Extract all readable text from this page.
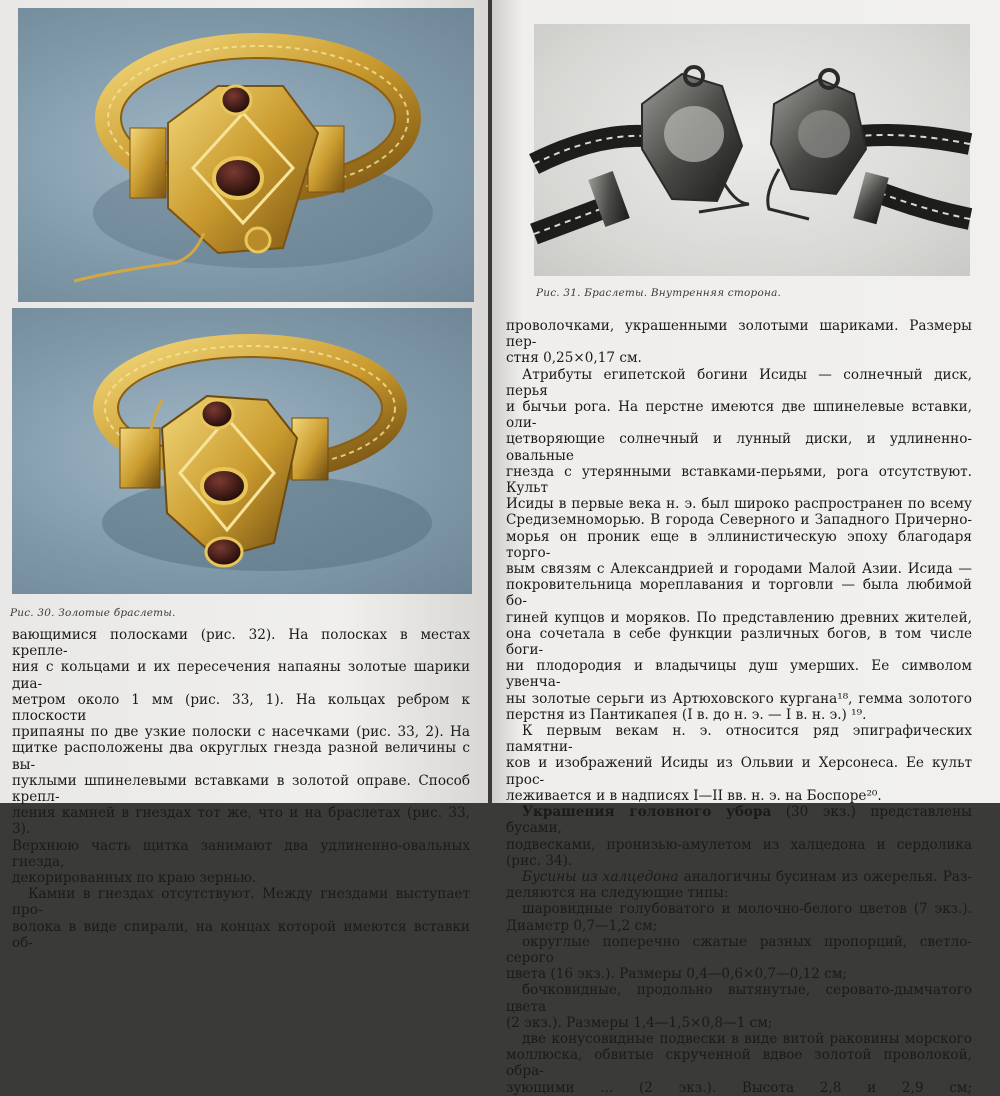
Рис. 30. Золотые браслеты.

вающимися полосками (рис. 32). На полосках в местах крепле-

ния с кольцами и их пересечения напаяны золотые шарики диа-

метром около 1 мм (рис. 33, 1). На кольцах ребром к плоскости

припаяны по две узкие полоски с насечками (рис. 33, 2). На

щитке расположены два округлых гнезда разной величины с вы-

пуклыми шпинелевыми вставками в золотой оправе. Способ крепл-

ления камней в гнездах тот же, что и на браслетах (рис. 33, 3).

Верхнюю часть щитка занимают два удлиненно-овальных гнезда,

декорированных по краю зернью.

Камни в гнездах отсутствуют. Между гнездами выступает про-

волока в виде спирали, на концах которой имеются вставки об-

Рис. 31. Браслеты. Внутренняя сторона.

проволочками, украшенными золотыми шариками. Размеры пер-

стня 0,25×0,17 см.

Атрибуты египетской богини Исиды — солнечный диск, перья

и бычьи рога. На перстне имеются две шпинелевые вставки, оли-

цетворяющие солнечный и лунный диски, и удлиненно-овальные

гнезда с утерянными вставками-перьями, рога отсутствуют. Культ

Исиды в первые века н. э. был широко распространен по всему

Средиземноморью. В города Северного и Западного Причерно-

морья он проник еще в эллинистическую эпоху благодаря торго-

вым связям с Александрией и городами Малой Азии. Исида —

покровительница мореплавания и торговли — была любимой бо-

гиней купцов и моряков. По представлению древних жителей,

она сочетала в себе функции различных богов, в том числе боги-

ни плодородия и владычицы душ умерших. Ее символом увенча-

ны золотые серьги из Артюховского кургана¹⁸, гемма золотого

перстня из Пантикапея (I в. до н. э. — I в. н. э.) ¹⁹.

К первым векам н. э. относится ряд эпиграфических памятни-

ков и изображений Исиды из Ольвии и Херсонеса. Ее культ прос-

леживается и в надписях I—II вв. н. э. на Боспоре²⁰.

Украшения головного убора (30 экз.) представлены бусами,

подвесками, пронизью-амулетом из халцедона и сердолика

(рис. 34).

Бусины из халцедона аналогичны бусинам из ожерелья. Раз-

деляются на следующие типы:

шаровидные голубоватого и молочно-белого цветов (7 экз.).

Диаметр 0,7—1,2 см;

округлые поперечно сжатые разных пропорций, светло-серого

цвета (16 экз.). Размеры 0,4—0,6×0,7—0,12 см;

бочковидные, продольно вытянутые, серовато-дымчатого цвета

(2 экз.). Размеры 1,4—1,5×0,8—1 см;

две конусовидные подвески в виде витой раковины морского

моллюска, обвитые скрученной вдвое золотой проволокой, обра-

зующими ... (2 экз.). Высота 2,8 и 2,9 см;
